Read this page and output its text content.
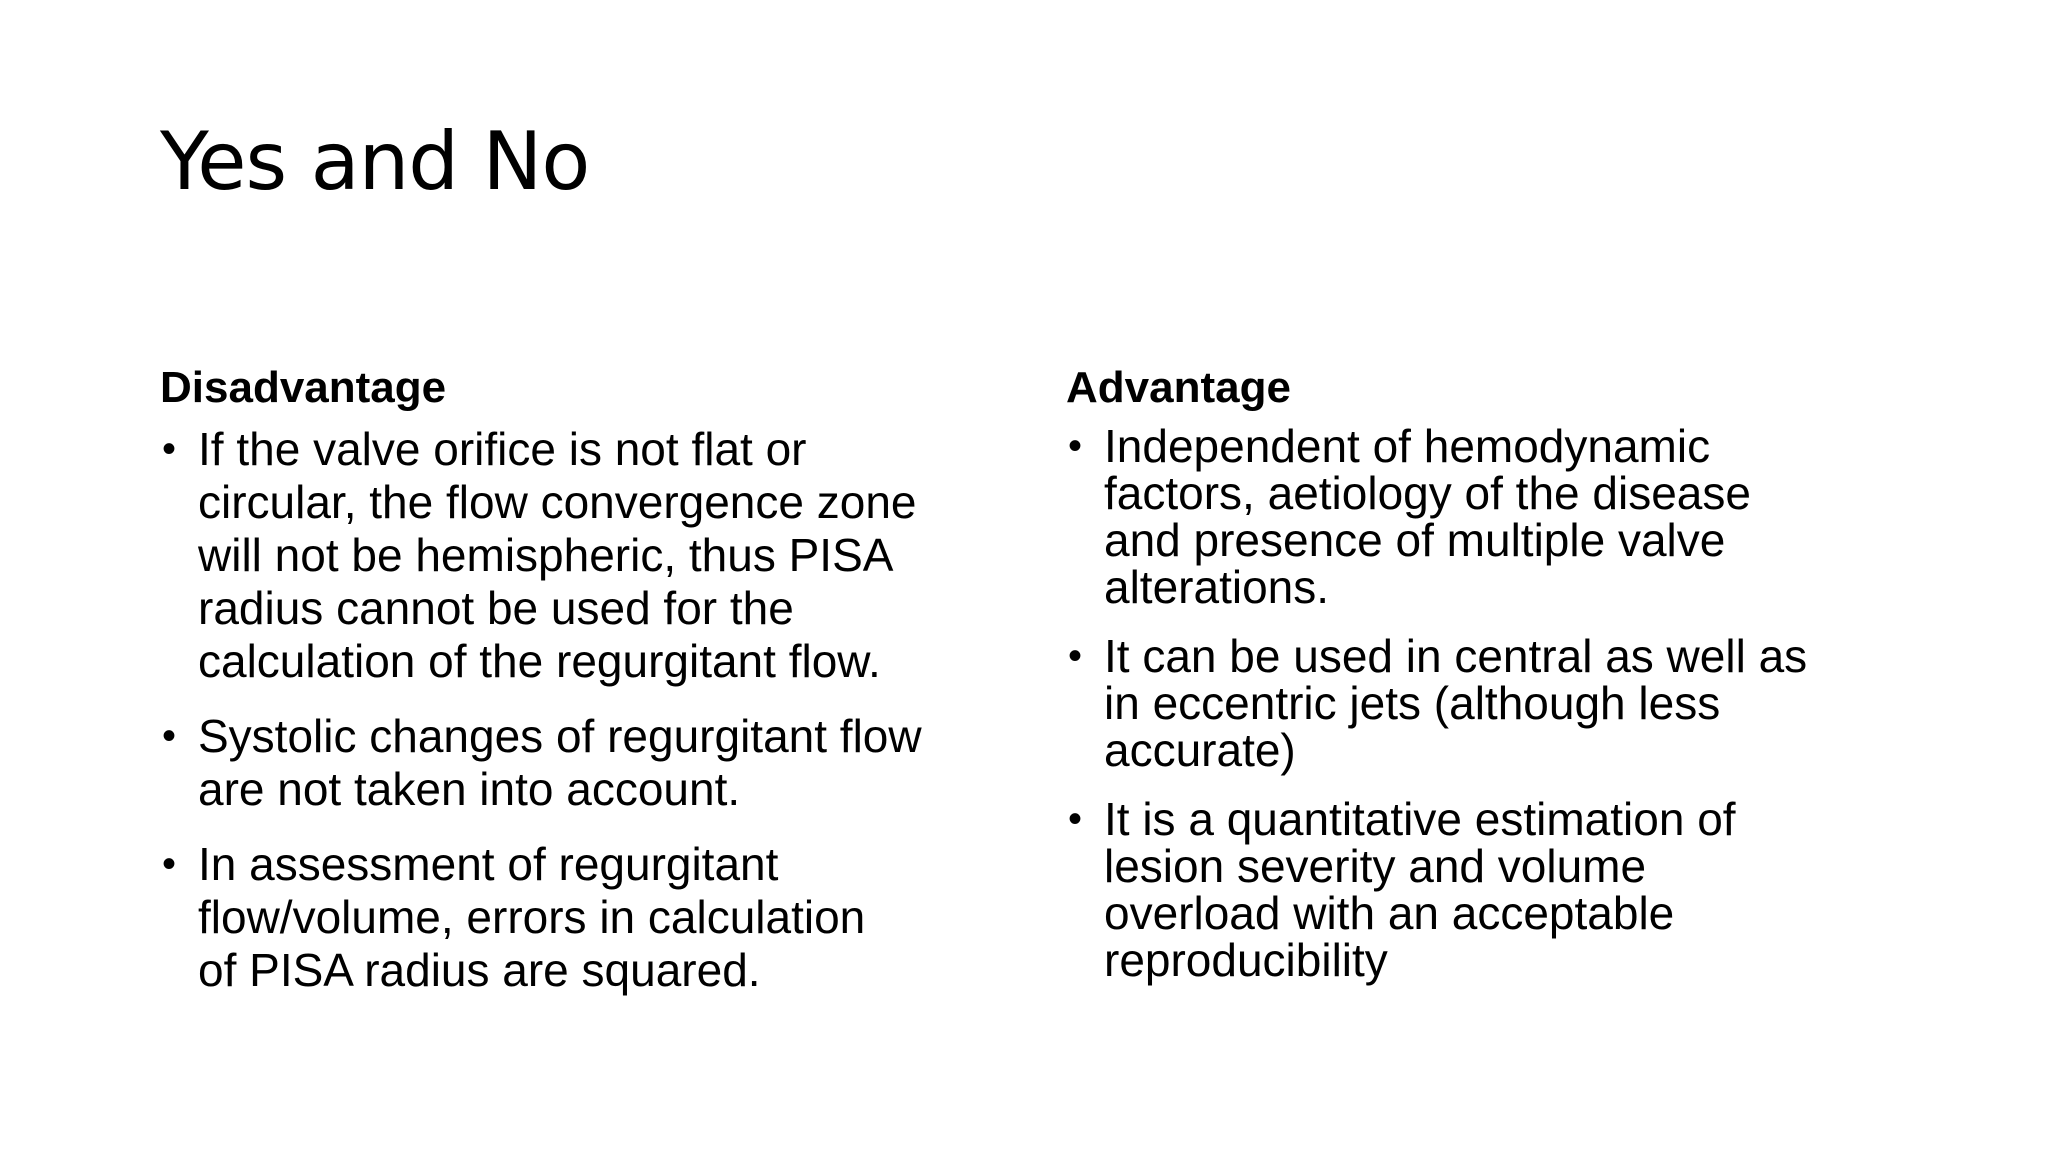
Yes and No
Disadvantage
• If the valve orifice is not flat or
circular, the flow convergence zone
will not be hemispheric, thus PISA
radius cannot be used for the
calculation of the regurgitant flow.
• Systolic changes of regurgitant flow
are not taken into account.
• In assessment of regurgitant
flow/volume, errors in calculation
of PISA radius are squared.
Advantage
• Independent of hemodynamic
factors, aetiology of the disease
and presence of multiple valve
alterations.
• It can be used in central as well as
in eccentric jets (although less
accurate)
• It is a quantitative estimation of
lesion severity and volume
overload with an acceptable
reproducibility
